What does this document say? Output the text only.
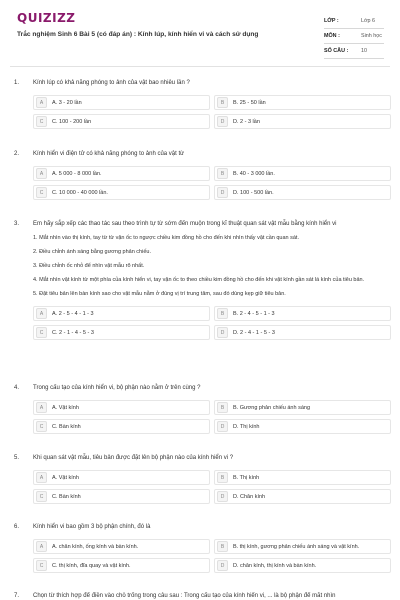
QUIZIZZ
Trắc nghiệm Sinh 6 Bài 5 (có đáp án) : Kính lúp, kính hiển vi và cách sử dụng
LỚP :	Lớp 6
MÔN :	Sinh học
SỐ CÂU :	10
1.	Kính lúp có khả năng phóng to ảnh của vật bao nhiêu lần ?
A	A. 3 - 20 lần	B	B. 25 - 50 lần
C	C. 100 - 200 lần	D	D. 2 - 3 lần
2.	Kính hiển vi điện tử có khả năng phóng to ảnh của vật từ
A	A. 5 000 - 8 000 lần.	B	B. 40 - 3 000 lần.
C	C. 10 000 - 40 000 lần.	D	D. 100 - 500 lần.
3.	Em hãy sắp xếp các thao tác sau theo trình tự từ sớm đến muộn trong kĩ thuật quan sát vật mẫu bằng kính hiển vi
1. Mắt nhìn vào thị kính, tay từ từ vặn ốc to ngược chiều kim đồng hồ cho đến khi nhìn thấy vật cần quan sát.
2. Điều chỉnh ánh sáng bằng gương phản chiếu.
3. Điều chỉnh ốc nhỏ để nhìn vật mẫu rõ nhất.
4. Mắt nhìn vật kính từ một phía của kính hiển vi, tay vặn ốc to theo chiều kim đồng hồ cho đến khi vật kính gần sát lá kính của tiêu bản.
5. Đặt tiêu bản lên bàn kính sao cho vật mẫu nằm ở đúng vị trí trung tâm, sau đó dùng kẹp giữ tiêu bản.
A	A. 2 - 5 - 4 - 1 - 3	B	B. 2 - 4 - 5 - 1 - 3
C	C. 2 - 1 - 4 - 5 - 3	D	D. 2 - 4 - 1 - 5 - 3
4.	Trong cấu tạo của kính hiển vi, bộ phận nào nằm ở trên cùng ?
A	A. Vật kính	B	B. Gương phản chiếu ánh sáng
C	C. Bàn kính	D	D. Thị kính
5.	Khi quan sát vật mẫu, tiêu bản được đặt lên bộ phận nào của kính hiển vi ?
A	A. Vật kính	B	B. Thị kính
C	C. Bàn kính	D	D. Chân kính
6.	Kính hiển vi bao gồm 3 bộ phận chính, đó là
A	A. chân kính, ống kính và bàn kính.	B	B. thị kính, gương phản chiếu ánh sáng và vật kính.
C	C. thị kính, đĩa quay và vật kính.	D	D. chân kính, thị kính và bàn kính.
7.	Chọn từ thích hợp để điền vào chỗ trống trong câu sau : Trong cấu tạo của kính hiển vi, ... là bộ phận để mắt nhìn
